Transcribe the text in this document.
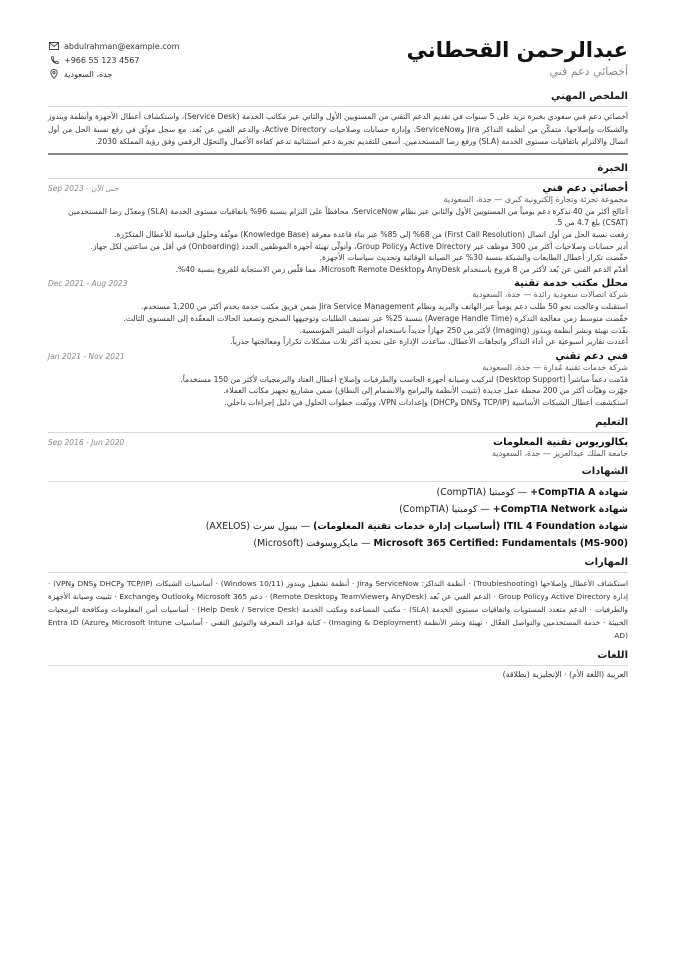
عبدالرحمن القحطاني
أخصائي دعم فني
abdulrahman@example.com
+966 55 123 4567
جدة، السعودية
الملخص المهني
أخصائي دعم فني سعودي بخبرة تزيد على 5 سنوات في تقديم الدعم التقني من المستويين الأول والثاني عبر مكاتب الخدمة (Service Desk)، واستكشاف أعطال الأجهزة وأنظمة ويندوز والشبكات وإصلاحها. متمكّن من أنظمة التذاكر Jira وServiceNow، وإدارة حسابات وصلاحيات Active Directory، والدعم الفني عن بُعد. مع سجل موثّق في رفع نسبة الحل من أول اتصال والالتزام باتفاقيات مستوى الخدمة (SLA) ورفع رضا المستخدمين. أسعى للتقديم تجربة دعم استثنائية تدعم كفاءة الأعمال والتحوّل الرقمي وفق رؤية المملكة 2030.
الخبرة
أخصائي دعم فني
Sep 2023 - حتى الآن
مجموعة تجزئة وتجارة إلكترونية كبرى — جدة، السعودية
أعالج أكثر من 40 تذكرة دعم يومياً من المستويين الأول والثاني عبر نظام ServiceNow، محافظاً على التزام بنسبة 96% باتفاقيات مستوى الخدمة (SLA) ومعدّل رضا المستخدمين (CSAT) بلغ 4.7 من 5.
رفعت نسبة الحل من أول اتصال (First Call Resolution) من 68% إلى 85% عبر بناء قاعدة معرفة (Knowledge Base) موثّقة وحلول قياسية للأعطال المتكرّرة.
أدير حسابات وصلاحيات أكثر من 300 موظف عبر Active Directory وGroup Policy، وأتولّى تهيئة أجهزة الموظفين الجدد (Onboarding) في أقل من ساعتين لكل جهاز.
خفّضت تكرار أعطال الطابعات والشبكة بنسبة 30% عبر الصيانة الوقائية وتحديث سياسات الأجهزة.
أقدّم الدعم الفني عن بُعد لأكثر من 8 فروع باستخدام AnyDesk وMicrosoft Remote Desktop، مما قلّص زمن الاستجابة للفروع بنسبة 40%.
محلل مكتب خدمة تقنية
Dec 2021 - Aug 2023
شركة اتصالات سعودية رائدة — جدة، السعودية
استقبلت وعالجت نحو 50 طلب دعم يومياً عبر الهاتف والبريد ونظام Jira Service Management ضمن فريق مكتب خدمة يخدم أكثر من 1,200 مستخدم.
خفّضت متوسط زمن معالجة التذكرة (Average Handle Time) بنسبة 25% عبر تصنيف الطلبات وتوجيهها الصحيح وتصعيد الحالات المعقّدة إلى المستوى الثالث.
نفّذت تهيئة ونشر أنظمة ويندوز (Imaging) لأكثر من 250 جهازاً جديداً باستخدام أدوات النشر المؤسسية.
أعددت تقارير أسبوعية عن أداء التذاكر واتجاهات الأعطال، ساعدت الإدارة على تحديد أكثر ثلاث مشكلات تكراراً ومعالجتها جذرياً.
فني دعم تقني
Jan 2021 - Nov 2021
شركة خدمات تقنية مُدارة — جدة، السعودية
قدّمت دعماً مباشراً (Desktop Support) لتركيب وصيانة أجهزة الحاسب والطرفيات وإصلاح أعطال العتاد والبرمجيات لأكثر من 150 مستخدماً.
جهّزت وهيّأت أكثر من 200 محطة عمل جديدة (تثبيت الأنظمة والبرامج والانضمام إلى النطاق) ضمن مشاريع تجهيز مكاتب العملاء.
استكشفت أعطال الشبكات الأساسية (TCP/IP وDNS وDHCP) وإعدادات VPN، ووثّقت خطوات الحلول في دليل إجراءات داخلي.
التعليم
بكالوريوس تقنية المعلومات
Sep 2016 - Jun 2020
جامعة الملك عبدالعزيز — جدة، السعودية
الشهادات
شهادة CompTIA A+ — كومبتيا (CompTIA)
شهادة CompTIA Network+ — كومبتيا (CompTIA)
شهادة ITIL 4 Foundation (أساسيات إدارة خدمات تقنية المعلومات) — بيبول سرت (AXELOS)
Microsoft 365 Certified: Fundamentals (MS-900) — مايكروسوفت (Microsoft)
المهارات
استكشاف الأعطال وإصلاحها (Troubleshooting) · أنظمة التذاكر: ServiceNow وJira · أنظمة تشغيل ويندوز (Windows 10/11) · أساسيات الشبكات (TCP/IP وDHCP وDNS وVPN) · إدارة Active Directory وGroup Policy · الدعم الفني عن بُعد (AnyDesk وTeamViewer وRemote Desktop) · دعم Microsoft 365 وOutlook وExchange · تثبيت وصيانة الأجهزة والطرفيات · الدعم متعدد المستويات واتفاقيات مستوى الخدمة (SLA) · مكتب المساعدة ومكتب الخدمة (Help Desk / Service Desk) · أساسيات أمن المعلومات ومكافحة البرمجيات الخبيثة · خدمة المستخدمين والتواصل الفعّال · تهيئة ونشر الأنظمة (Imaging & Deployment) · كتابة قواعد المعرفة والتوثيق التقني · أساسيات Microsoft Intune وEntra ID (Azure AD)
اللغات
العربية (اللغة الأم) · الإنجليزية (بطلاقة)
